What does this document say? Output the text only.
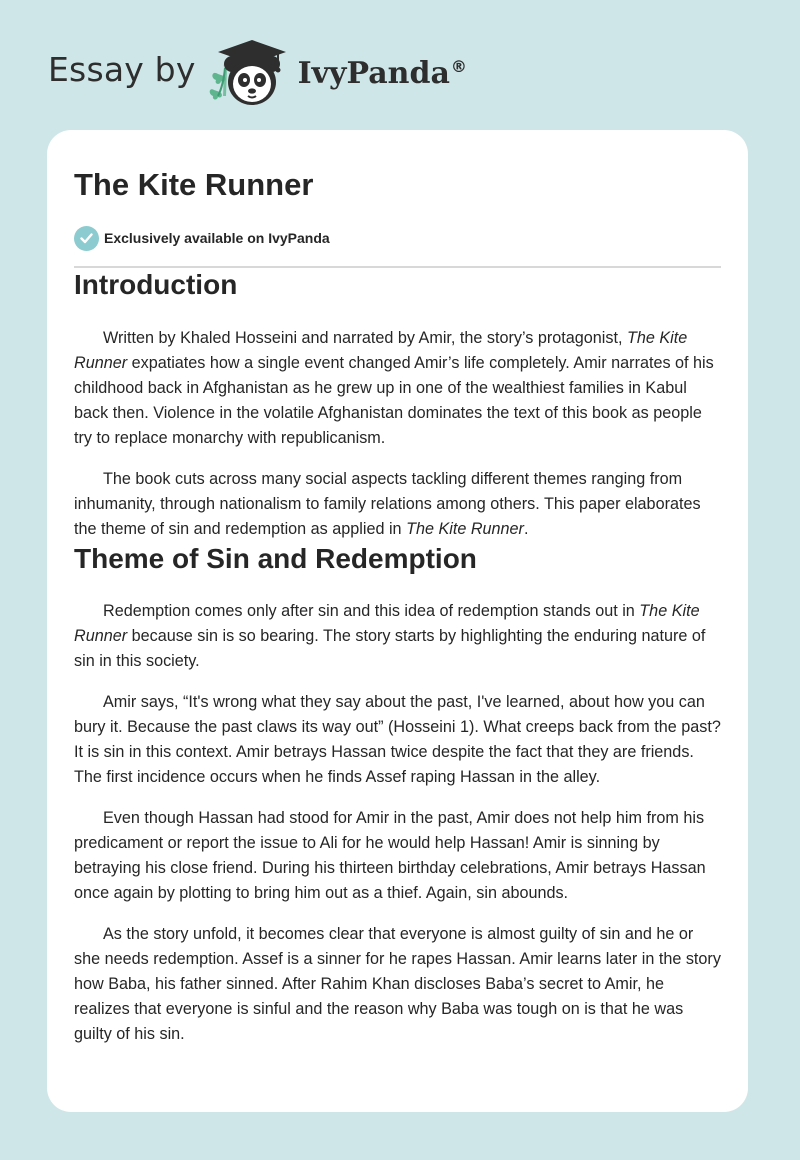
Essay by	IvyPanda®
The Kite Runner
Exclusively available on IvyPanda
Introduction

Written by Khaled Hosseini and narrated by Amir, the story’s protagonist, The Kite Runner expatiates how a single event changed Amir’s life completely. Amir narrates of his childhood back in Afghanistan as he grew up in one of the wealthiest families in Kabul back then. Violence in the volatile Afghanistan dominates the text of this book as people try to replace monarchy with republicanism.

The book cuts across many social aspects tackling different themes ranging from inhumanity, through nationalism to family relations among others. This paper elaborates the theme of sin and redemption as applied in The Kite Runner.

Theme of Sin and Redemption

Redemption comes only after sin and this idea of redemption stands out in The Kite Runner because sin is so bearing. The story starts by highlighting the enduring nature of sin in this society.

Amir says, “It's wrong what they say about the past, I've learned, about how you can bury it. Because the past claws its way out” (Hosseini 1). What creeps back from the past? It is sin in this context. Amir betrays Hassan twice despite the fact that they are friends. The first incidence occurs when he finds Assef raping Hassan in the alley.

Even though Hassan had stood for Amir in the past, Amir does not help him from his predicament or report the issue to Ali for he would help Hassan! Amir is sinning by betraying his close friend. During his thirteen birthday celebrations, Amir betrays Hassan once again by plotting to bring him out as a thief. Again, sin abounds.

As the story unfold, it becomes clear that everyone is almost guilty of sin and he or she needs redemption. Assef is a sinner for he rapes Hassan. Amir learns later in the story how Baba, his father sinned. After Rahim Khan discloses Baba’s secret to Amir, he realizes that everyone is sinful and the reason why Baba was tough on is that he was guilty of his sin.
